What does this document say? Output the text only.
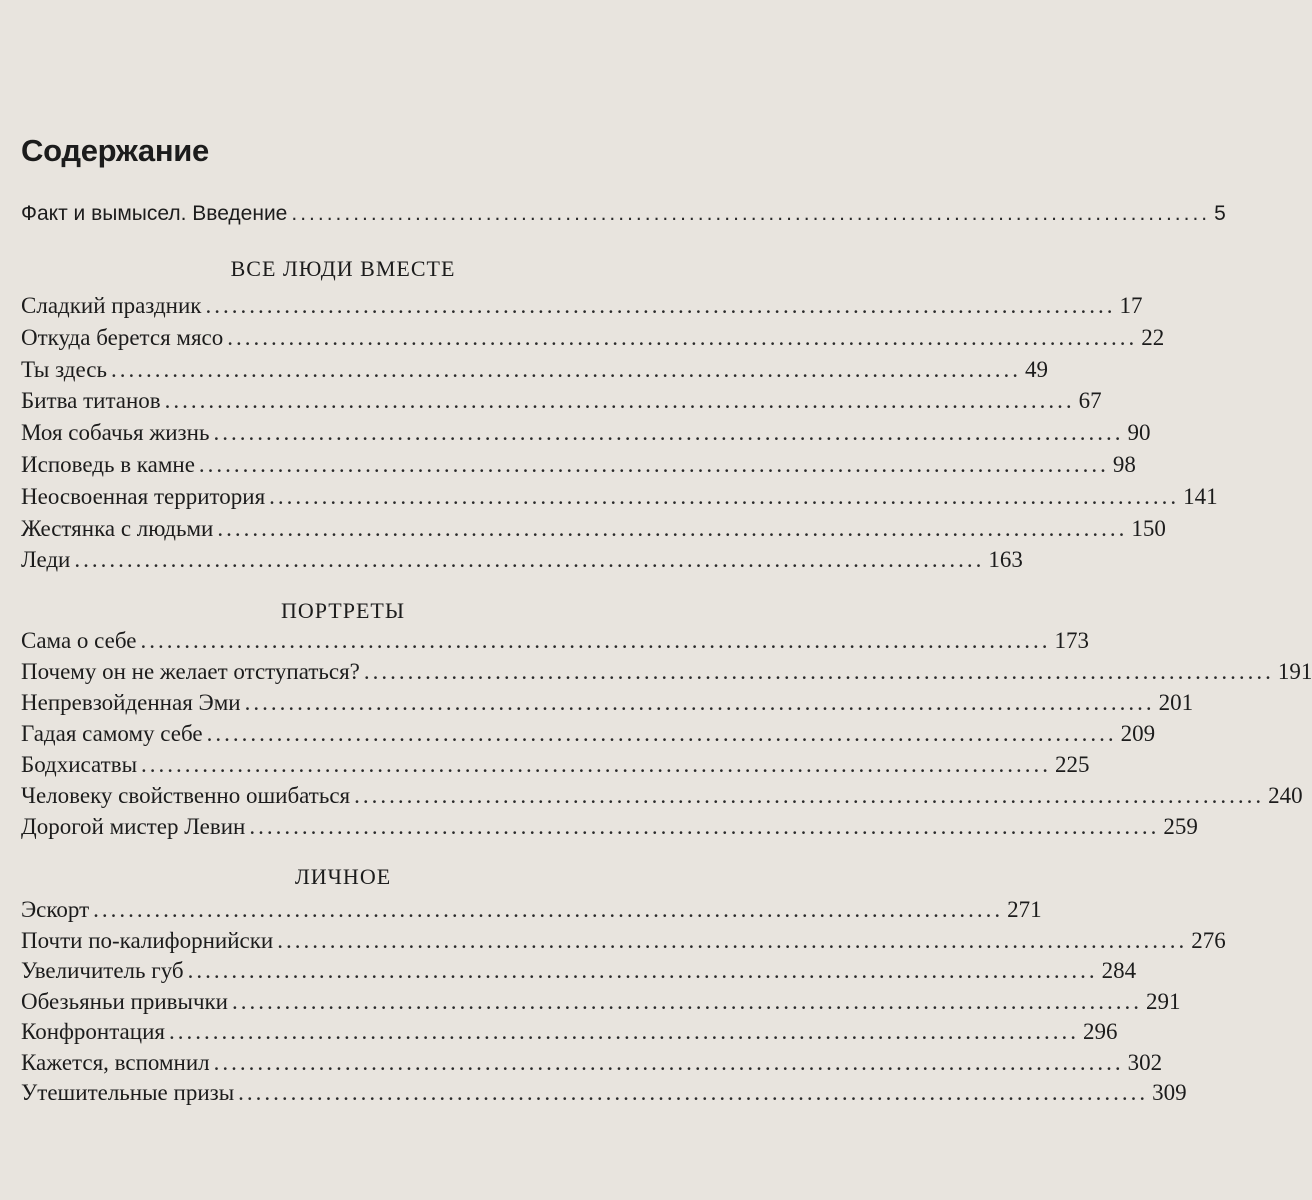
Содержание
Факт и вымысел. Введение ........................................................................................................ 5
ВСЕ ЛЮДИ ВМЕСТЕ
Сладкий праздник ........................................................................................................ 17
Откуда берется мясо ........................................................................................................ 22
Ты здесь ........................................................................................................ 49
Битва титанов ........................................................................................................ 67
Моя собачья жизнь ........................................................................................................ 90
Исповедь в камне ........................................................................................................ 98
Неосвоенная территория ........................................................................................................ 141
Жестянка с людьми ........................................................................................................ 150
Леди ........................................................................................................ 163
ПОРТРЕТЫ
Сама о себе ........................................................................................................ 173
Почему он не желает отступаться? ........................................................................................................ 191
Непревзойденная Эми ........................................................................................................ 201
Гадая самому себе ........................................................................................................ 209
Бодхисатвы ........................................................................................................ 225
Человеку свойственно ошибаться ........................................................................................................ 240
Дорогой мистер Левин ........................................................................................................ 259
ЛИЧНОЕ
Эскорт ........................................................................................................ 271
Почти по-калифорнийски ........................................................................................................ 276
Увеличитель губ ........................................................................................................ 284
Обезьяньи привычки ........................................................................................................ 291
Конфронтация ........................................................................................................ 296
Кажется, вспомнил ........................................................................................................ 302
Утешительные призы ........................................................................................................ 309
